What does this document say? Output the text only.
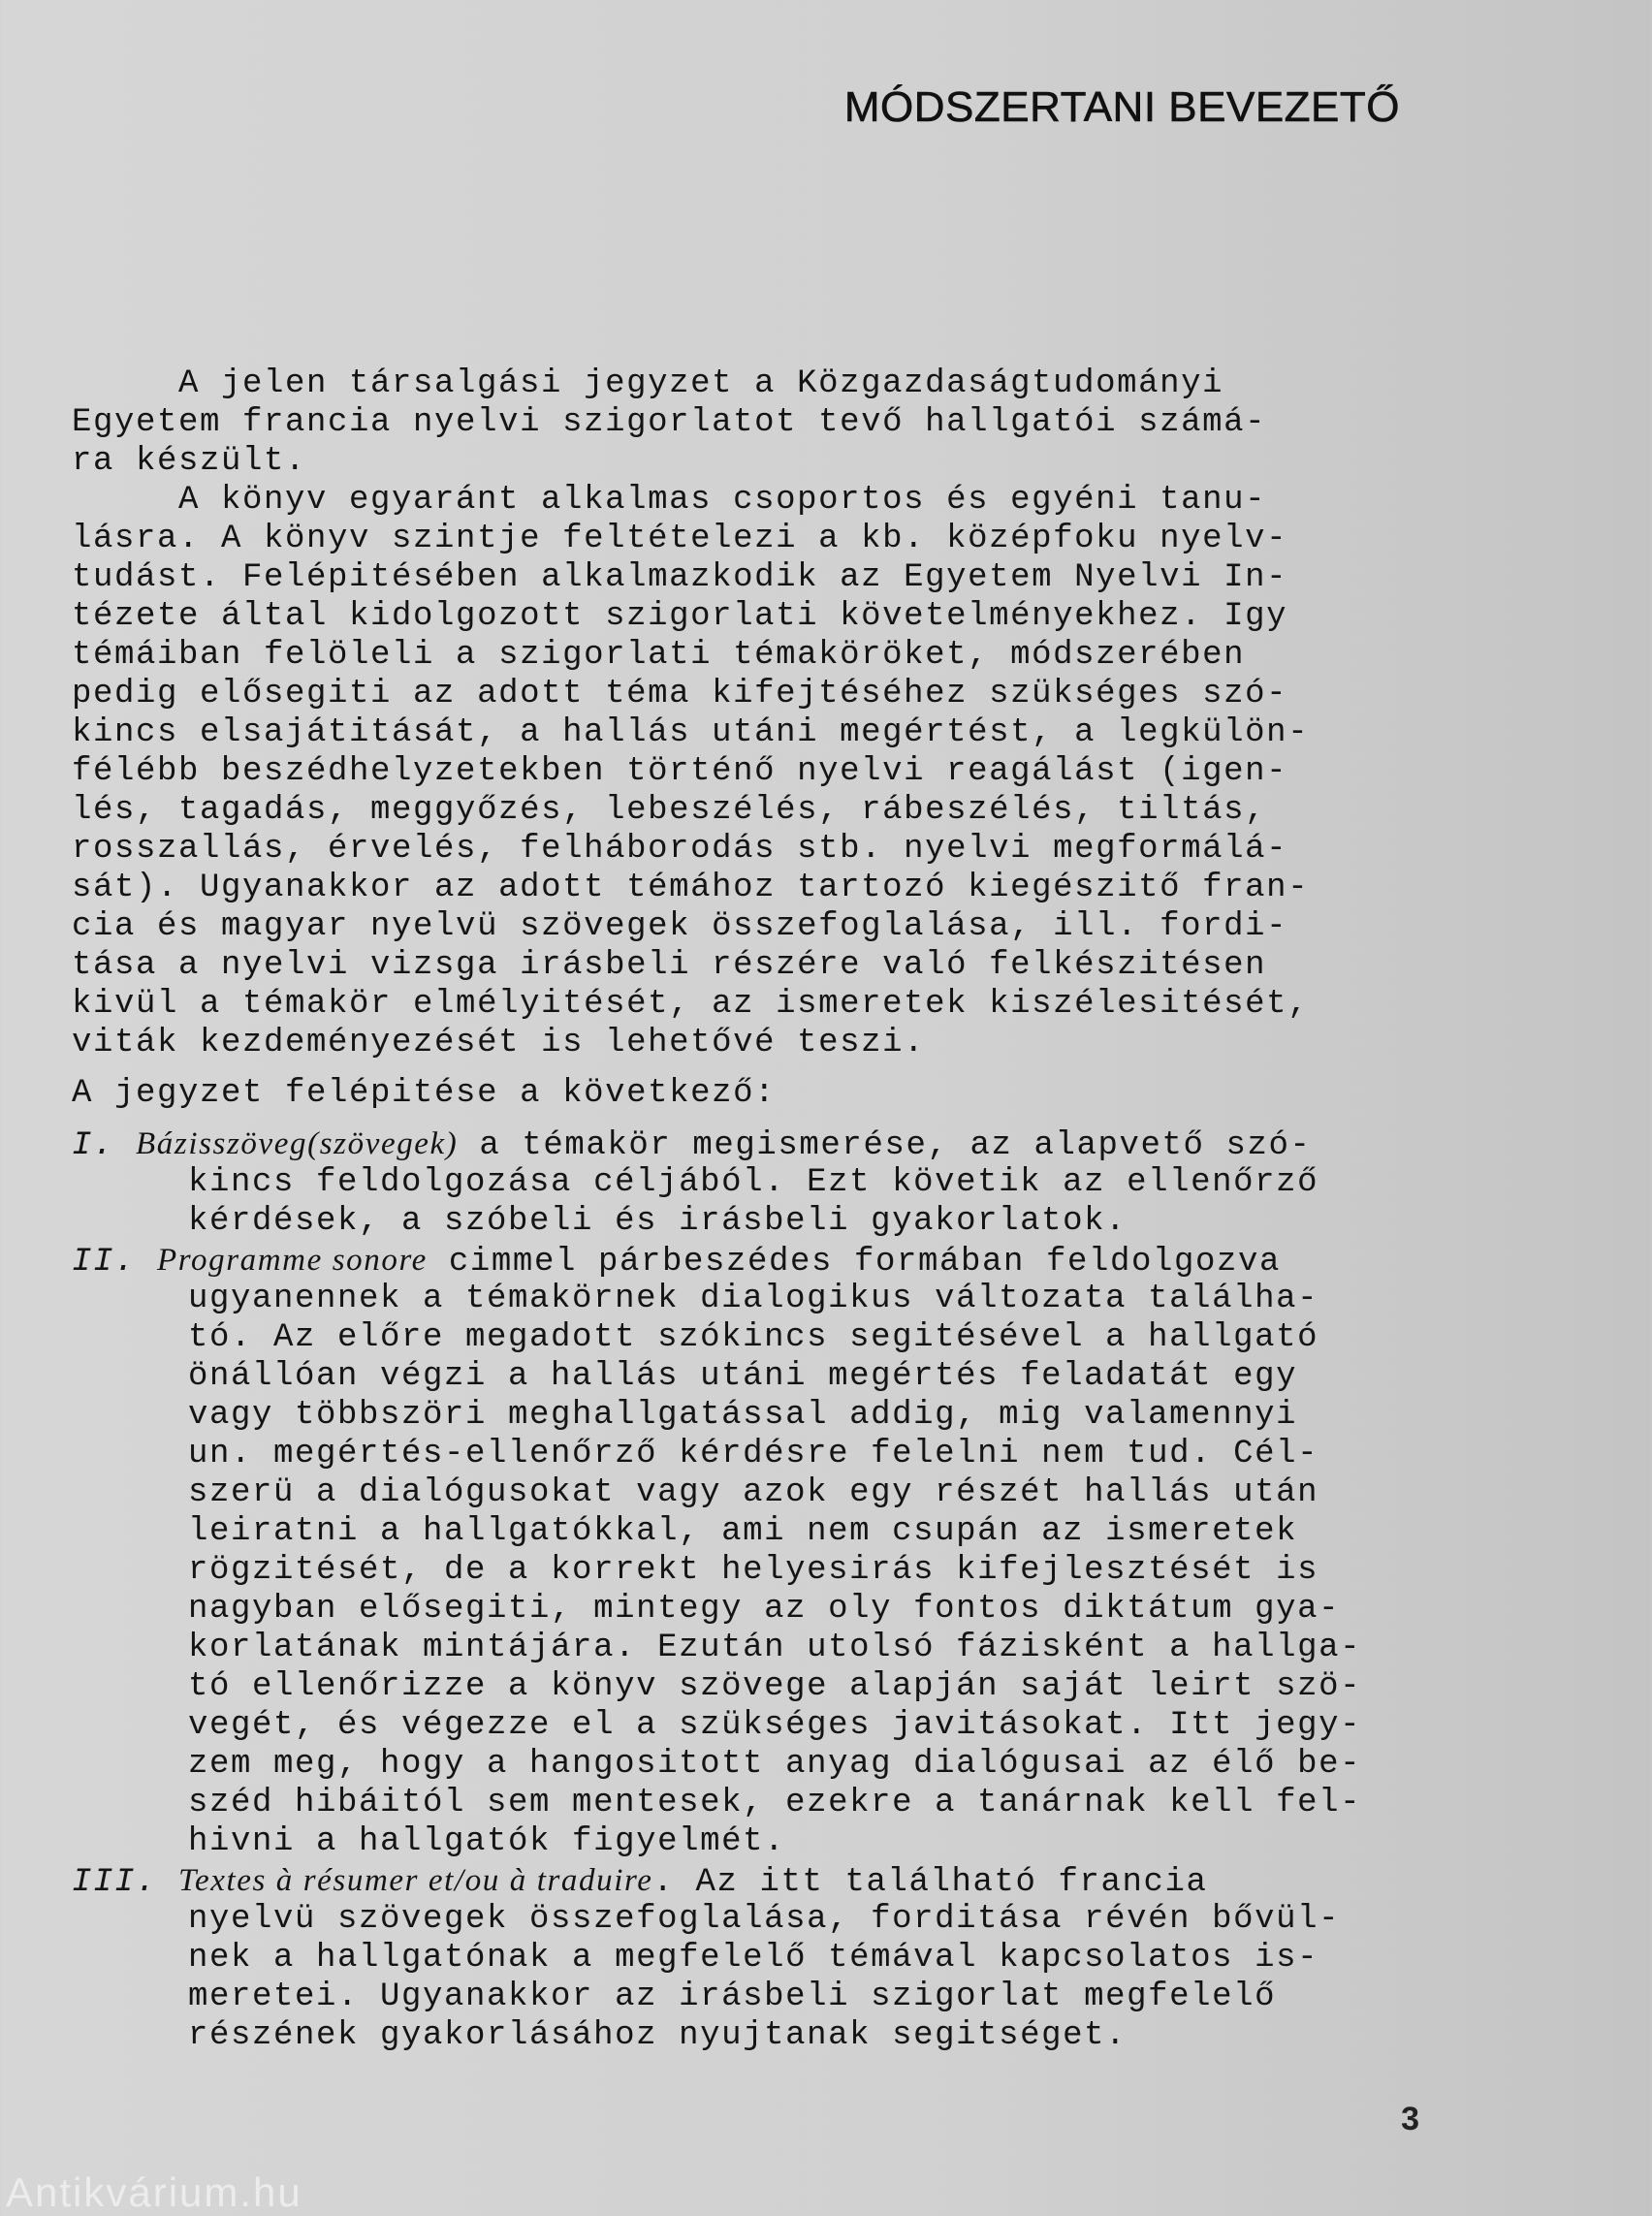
MÓDSZERTANI BEVEZETŐ
A jelen társalgási jegyzet a Közgazdaságtudományi
Egyetem francia nyelvi szigorlatot tevő hallgatói számá-
ra készült.
A könyv egyaránt alkalmas csoportos és egyéni tanu-
lásra. A könyv szintje feltételezi a kb. középfoku nyelv-
tudást. Felépitésében alkalmazkodik az Egyetem Nyelvi In-
tézete által kidolgozott szigorlati követelményekhez. Igy
témáiban felöleli a szigorlati témaköröket, módszerében
pedig elősegiti az adott téma kifejtéséhez szükséges szó-
kincs elsajátitását, a hallás utáni megértést, a legkülön-
félébb beszédhelyzetekben történő nyelvi reagálást (igen-
lés, tagadás, meggyőzés, lebeszélés, rábeszélés, tiltás,
rosszallás, érvelés, felháborodás stb. nyelvi megformálá-
sát). Ugyanakkor az adott témához tartozó kiegészitő fran-
cia és magyar nyelvü szövegek összefoglalása, ill. fordi-
tása a nyelvi vizsga irásbeli részére való felkészitésen
kivül a témakör elmélyitését, az ismeretek kiszélesitését,
viták kezdeményezését is lehetővé teszi.
A jegyzet felépitése a következő:
I. Bázisszöveg(szövegek) a témakör megismerése, az alapvető szó-
kincs feldolgozása céljából. Ezt követik az ellenőrző
kérdések, a szóbeli és irásbeli gyakorlatok.
II. Programme sonore cimmel párbeszédes formában feldolgozva
ugyanennek a témakörnek dialogikus változata találha-
tó. Az előre megadott szókincs segitésével a hallgató
önállóan végzi a hallás utáni megértés feladatát egy
vagy többszöri meghallgatással addig, mig valamennyi
un. megértés-ellenőrző kérdésre felelni nem tud. Cél-
szerü a dialógusokat vagy azok egy részét hallás után
leiratni a hallgatókkal, ami nem csupán az ismeretek
rögzitését, de a korrekt helyesirás kifejlesztését is
nagyban elősegiti, mintegy az oly fontos diktátum gya-
korlatának mintájára. Ezután utolsó fázisként a hallga-
tó ellenőrizze a könyv szövege alapján saját leirt szö-
vegét, és végezze el a szükséges javitásokat. Itt jegy-
zem meg, hogy a hangositott anyag dialógusai az élő be-
széd hibáitól sem mentesek, ezekre a tanárnak kell fel-
hivni a hallgatók figyelmét.
III. Textes à résumer et/ou à traduire. Az itt található francia
nyelvü szövegek összefoglalása, forditása révén bővül-
nek a hallgatónak a megfelelő témával kapcsolatos is-
meretei. Ugyanakkor az irásbeli szigorlat megfelelő
részének gyakorlásához nyujtanak segitséget.
3
Antikvárium.hu
